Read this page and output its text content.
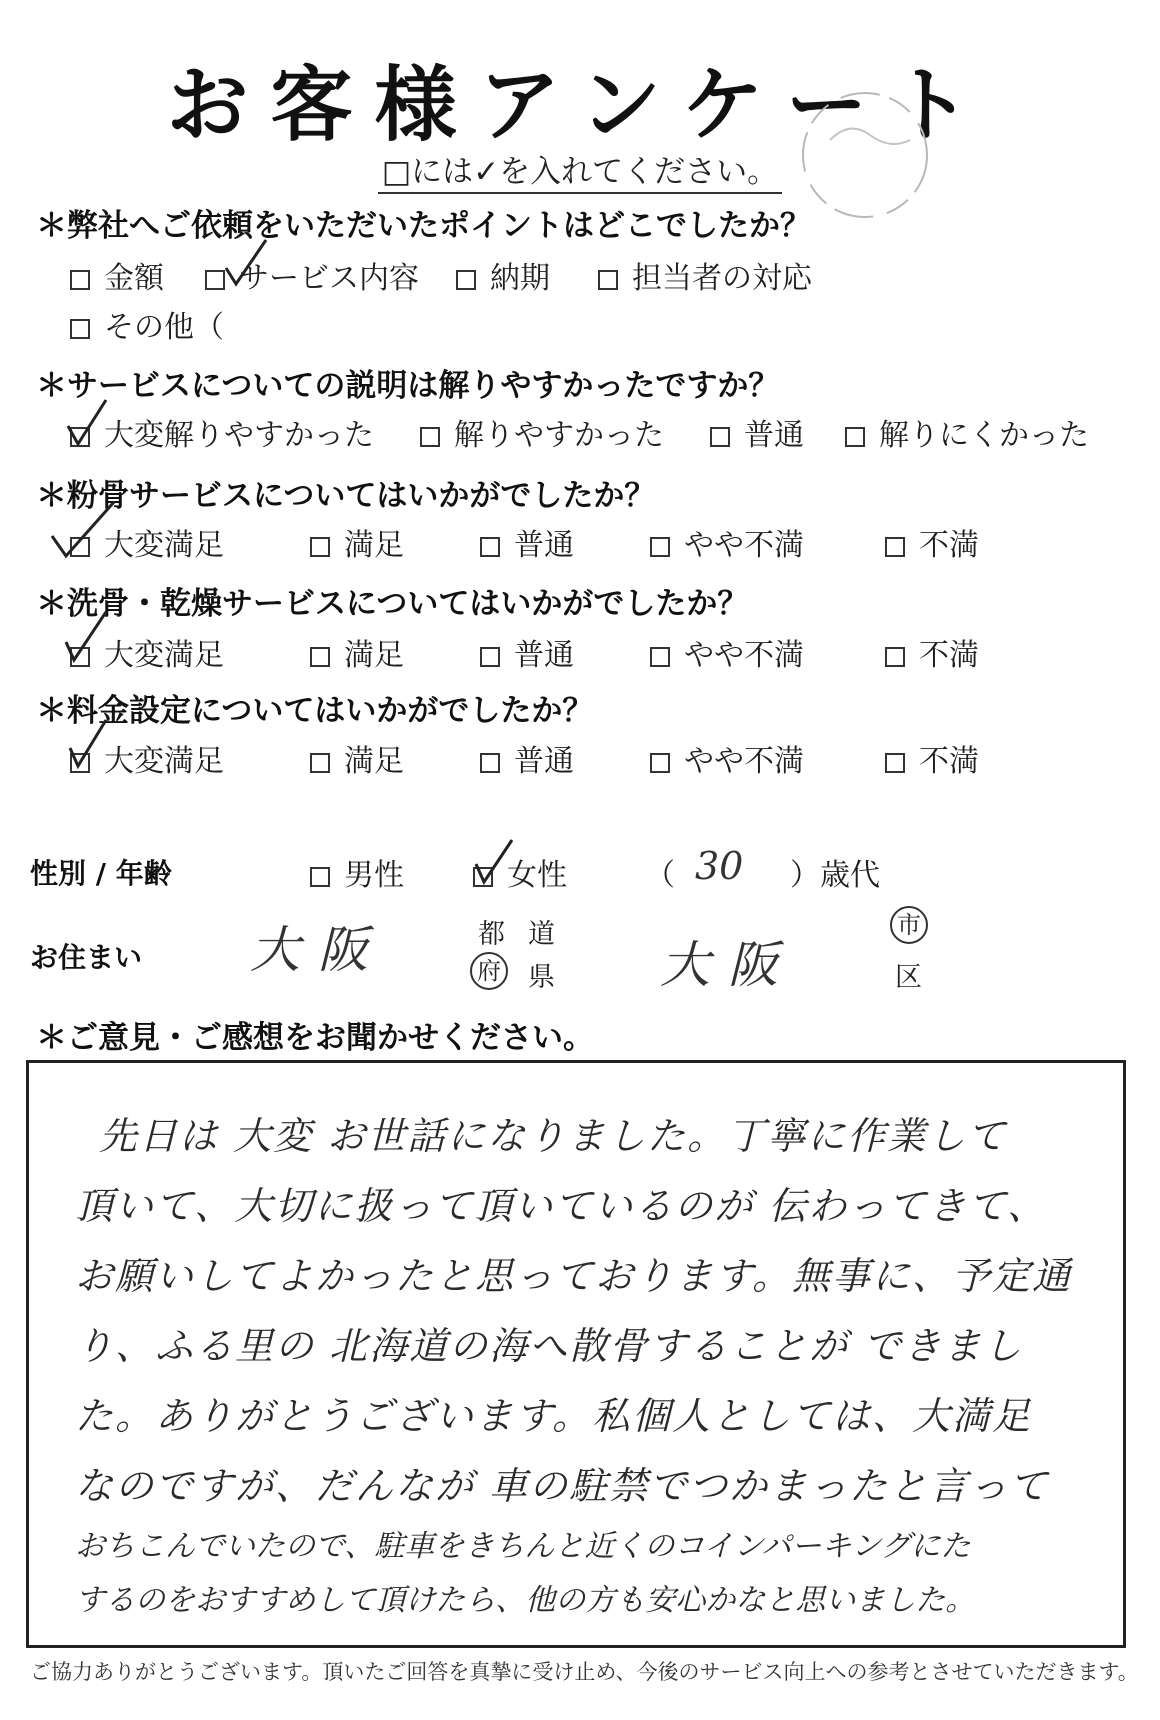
お客様アンケート
□には✓を入れてください。
＊弊社へご依頼をいただいたポイントはどこでしたか？
金額	サービス内容	納期	担当者の対応
その他（
＊サービスについての説明は解りやすかったですか？
大変解りやすかった	解りやすかった	普通	解りにくかった
＊粉骨サービスについてはいかがでしたか？
大変満足	満足	普通	やや不満	不満
＊洗骨・乾燥サービスについてはいかがでしたか？
大変満足	満足	普通	やや不満	不満
＊料金設定についてはいかがでしたか？
大変満足	満足	普通	やや不満	不満
性別 / 年齢	男性	女性	（ 30 ）歳代
お住まい 大阪	都 道
府 県 大阪
市
区
＊ご意見・ご感想をお聞かせください。
先日は 大変 お世話になりました。丁寧に作業して
頂いて、大切に扱って頂いているのが 伝わってきて、
お願いしてよかったと思っております。無事に、予定通
り、ふる里の 北海道の海へ散骨することが できまし
た。ありがとうございます。私個人としては、大満足
なのですが、だんなが 車の駐禁でつかまったと言って
おちこんでいたので、駐車をきちんと近くのコインパーキングにた
するのをおすすめして頂けたら、他の方も安心かなと思いました。
ご協力ありがとうございます。頂いたご回答を真摯に受け止め、今後のサービス向上への参考とさせていただきます。
